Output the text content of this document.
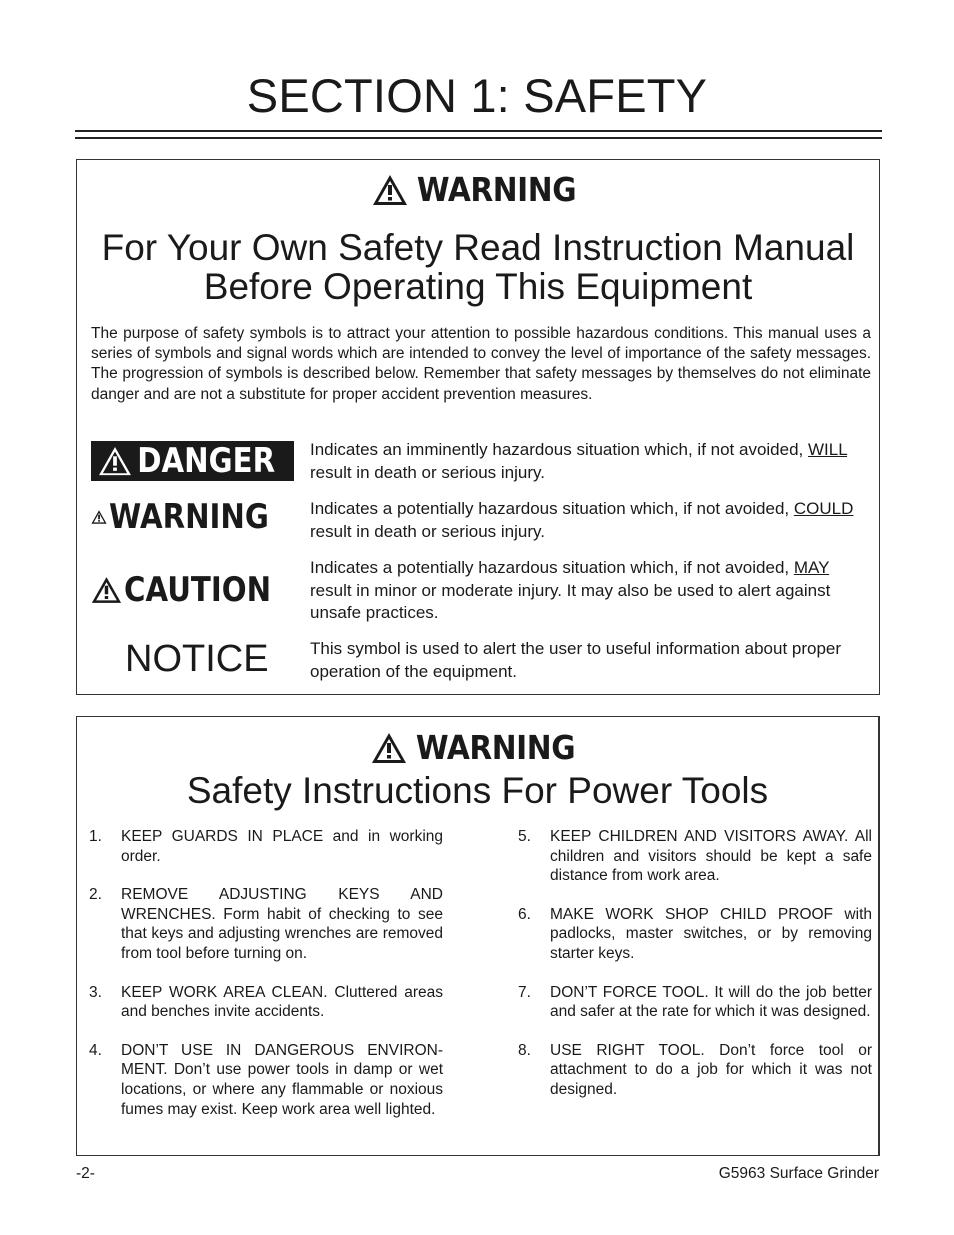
SECTION 1: SAFETY
WARNING
For Your Own Safety Read Instruction Manual
Before Operating This Equipment

The purpose of safety symbols is to attract your attention to possible hazardous conditions. This manual uses a series of symbols and signal words which are intended to convey the level of importance of the safety messages. The progression of symbols is described below. Remember that safety messages by themselves do not eliminate danger and are not a substitute for proper accident prevention measures.

DANGER Indicates an imminently hazardous situation which, if not avoided, WILL result in death or serious injury.

WARNING Indicates a potentially hazardous situation which, if not avoided, COULD result in death or serious injury.

CAUTION

Indicates a potentially hazardous situation which, if not avoided, MAY result in minor or moderate injury. It may also be used to alert against unsafe practices.

NOTICE This symbol is used to alert the user to useful information about proper operation of the equipment.

WARNING
Safety Instructions For Power Tools
1. KEEP GUARDS IN PLACE and in working order.
2. REMOVE ADJUSTING KEYS AND WRENCHES. Form habit of checking to see that keys and adjusting wrenches are removed from tool before turning on.
3. KEEP WORK AREA CLEAN. Cluttered areas and benches invite accidents.
4. DON’T USE IN DANGEROUS ENVIRON-MENT. Don’t use power tools in damp or wet locations, or where any flammable or noxious fumes may exist. Keep work area well lighted.
5. KEEP CHILDREN AND VISITORS AWAY. All children and visitors should be kept a safe distance from work area.
6. MAKE WORK SHOP CHILD PROOF with padlocks, master switches, or by removing starter keys.
7. DON’T FORCE TOOL. It will do the job better and safer at the rate for which it was designed.
8. USE RIGHT TOOL. Don’t force tool or attachment to do a job for which it was not designed.
-2-	G5963 Surface Grinder
